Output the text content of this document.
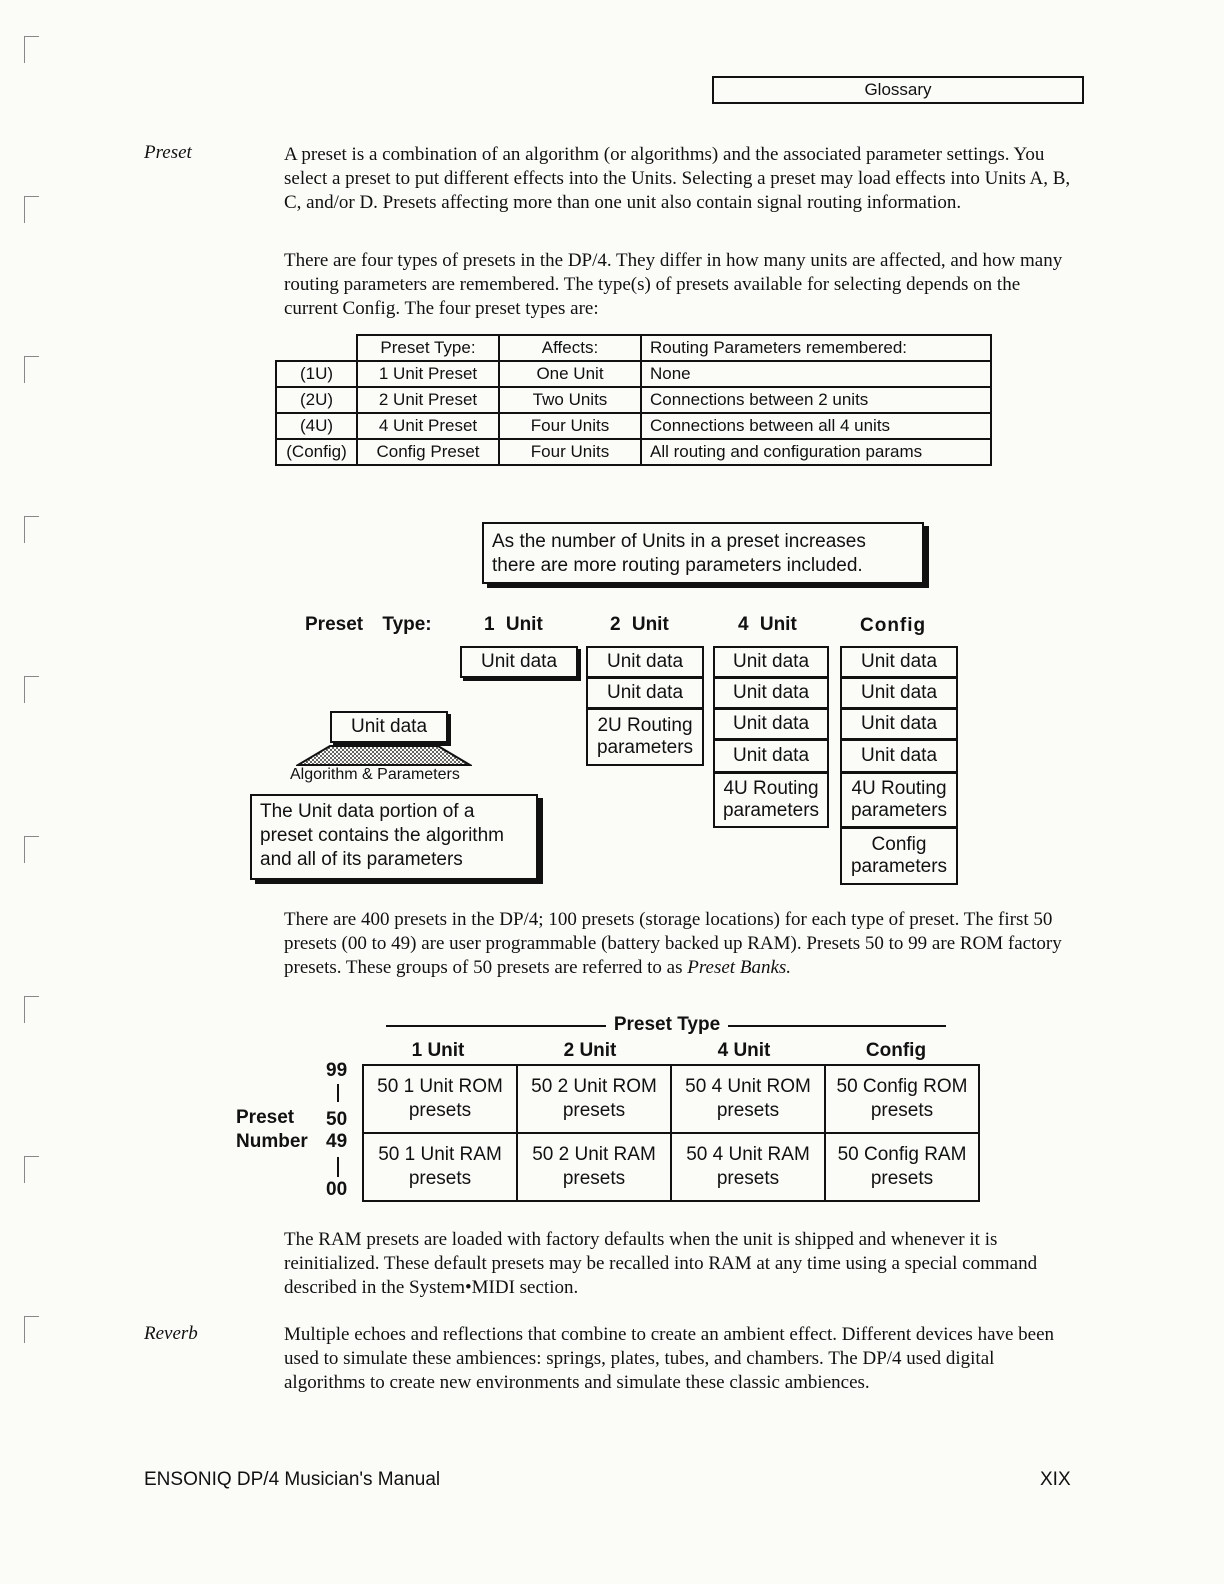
Glossary
Preset	A preset is a combination of an algorithm (or algorithms) and the associated parameter settings. You select a preset to put different effects into the Units. Selecting a preset may load effects into Units A, B, C, and/or D. Presets affecting more than one unit also contain signal routing information.
There are four types of presets in the DP/4. They differ in how many units are affected, and how many routing parameters are remembered. The type(s) of presets available for selecting depends on the current Config. The four preset types are:
	Preset Type:	Affects:	Routing Parameters remembered:
(1U)	1 Unit Preset	One Unit	None
(2U)	2 Unit Preset	Two Units	Connections between 2 units
(4U)	4 Unit Preset	Four Units	Connections between all 4 units
(Config)	Config Preset	Four Units	All routing and configuration params
As the number of Units in a preset increases there are more routing parameters included.
Preset Type:	1 Unit	2 Unit	4 Unit	Config
Unit data	Unit data
Unit data
2U Routing parameters
Unit data
Unit data
Unit data
Unit data
4U Routing parameters
Unit data
Unit data
Unit data
Unit data
4U Routing parameters
Config parameters
Unit data
Algorithm & Parameters
The Unit data portion of a preset contains the algorithm and all of its parameters
There are 400 presets in the DP/4; 100 presets (storage locations) for each type of preset. The first 50 presets (00 to 49) are user programmable (battery backed up RAM). Presets 50 to 99 are ROM factory presets. These groups of 50 presets are referred to as Preset Banks.
Preset Type
1 Unit	2 Unit	4 Unit	Config
Preset
Number
99
50
49
00
50 1 Unit ROM presets	50 2 Unit ROM presets	50 4 Unit ROM presets	50 Config ROM presets
50 1 Unit RAM presets	50 2 Unit RAM presets	50 4 Unit RAM presets	50 Config RAM presets
The RAM presets are loaded with factory defaults when the unit is shipped and whenever it is reinitialized. These default presets may be recalled into RAM at any time using a special command described in the System•MIDI section.
Reverb	Multiple echoes and reflections that combine to create an ambient effect. Different devices have been used to simulate these ambiences: springs, plates, tubes, and chambers. The DP/4 used digital algorithms to create new environments and simulate these classic ambiences.
ENSONIQ DP/4 Musician's Manual	XIX
